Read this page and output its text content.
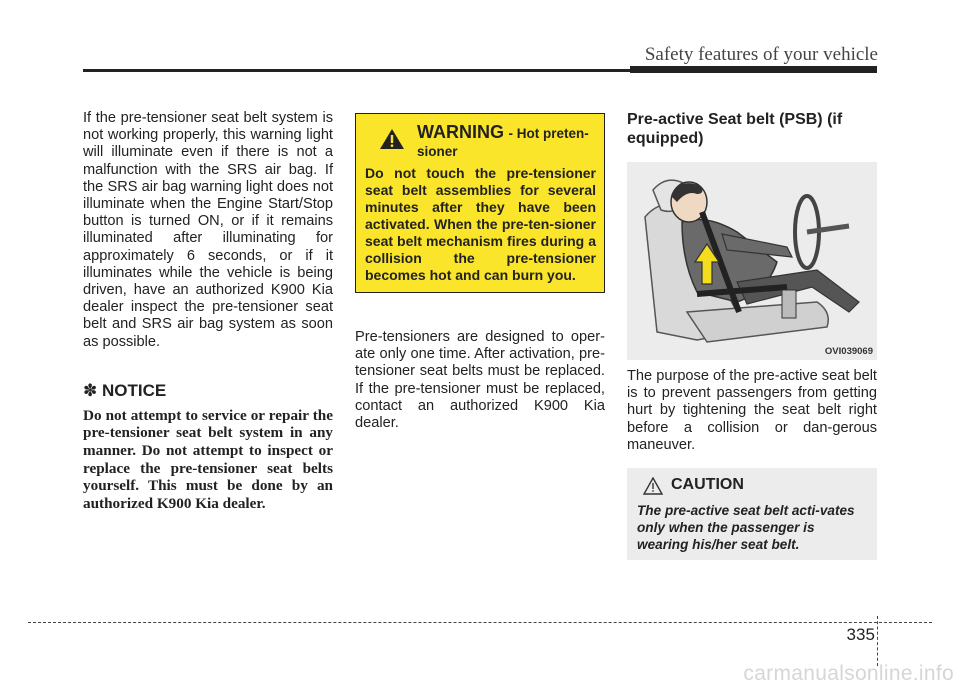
Safety features of your vehicle

If the pre-tensioner seat belt system is not working properly, this warning light will illuminate even if there is not a malfunction with the SRS air bag. If the SRS air bag warning light does not illuminate when the Engine Start/Stop button is turned ON, or if it remains illuminated after illuminating for approximately 6 seconds, or if it illuminates while the vehicle is being driven, have an authorized K900 Kia dealer inspect the pre-tensioner seat belt and SRS air bag system as soon as possible.

✽ NOTICE

Do not attempt to service or repair the pre-tensioner seat belt system in any manner. Do not attempt to inspect or replace the pre-tensioner seat belts yourself. This must be done by an authorized K900 Kia dealer.

WARNING - Hot preten-sioner

Do not touch the pre-tensioner seat belt assemblies for several minutes after they have been activated. When the pre-ten-sioner seat belt mechanism fires during a collision the pre-tensioner becomes hot and can burn you.

Pre-tensioners are designed to oper-ate only one time. After activation, pre-tensioner seat belts must be replaced. If the pre-tensioner must be replaced, contact an authorized K900 Kia dealer.

Pre-active Seat belt (PSB) (if equipped)
OVI039069

The purpose of the pre-active seat belt is to prevent passengers from getting hurt by tightening the seat belt right before a collision or dan-gerous maneuver.

CAUTION

The pre-active seat belt acti-vates only when the passenger is wearing his/her seat belt.

3 35
carmanualsonline.info
